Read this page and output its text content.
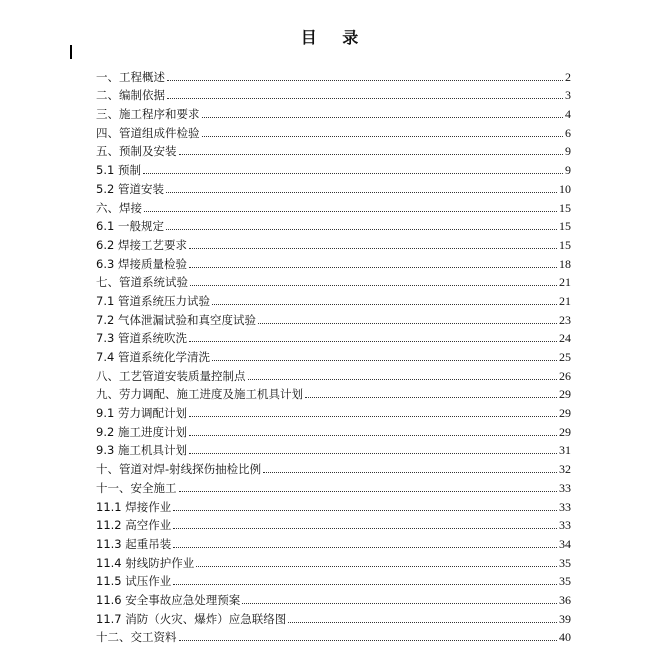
目 录
一、工程概述	2
二、编制依据	3
三、施工程序和要求	4
四、管道组成件检验	6
五、预制及安装	9
5.1 预制	9
5.2 管道安装	10
六、焊接	15
6.1 一般规定	15
6.2 焊接工艺要求	15
6.3 焊接质量检验	18
七、管道系统试验	21
7.1 管道系统压力试验	21
7.2 气体泄漏试验和真空度试验	23
7.3 管道系统吹洗	24
7.4 管道系统化学清洗	25
八、工艺管道安装质量控制点	26
九、劳力调配、施工进度及施工机具计划	29
9.1 劳力调配计划	29
9.2 施工进度计划	29
9.3 施工机具计划	31
十、管道对焊-射线探伤抽检比例	32
十一、安全施工	33
11.1 焊接作业	33
11.2 高空作业	33
11.3 起重吊装	34
11.4 射线防护作业	35
11.5 试压作业	35
11.6 安全事故应急处理预案	36
11.7 消防（火灾、爆炸）应急联络图	39
十二、交工资料	40
